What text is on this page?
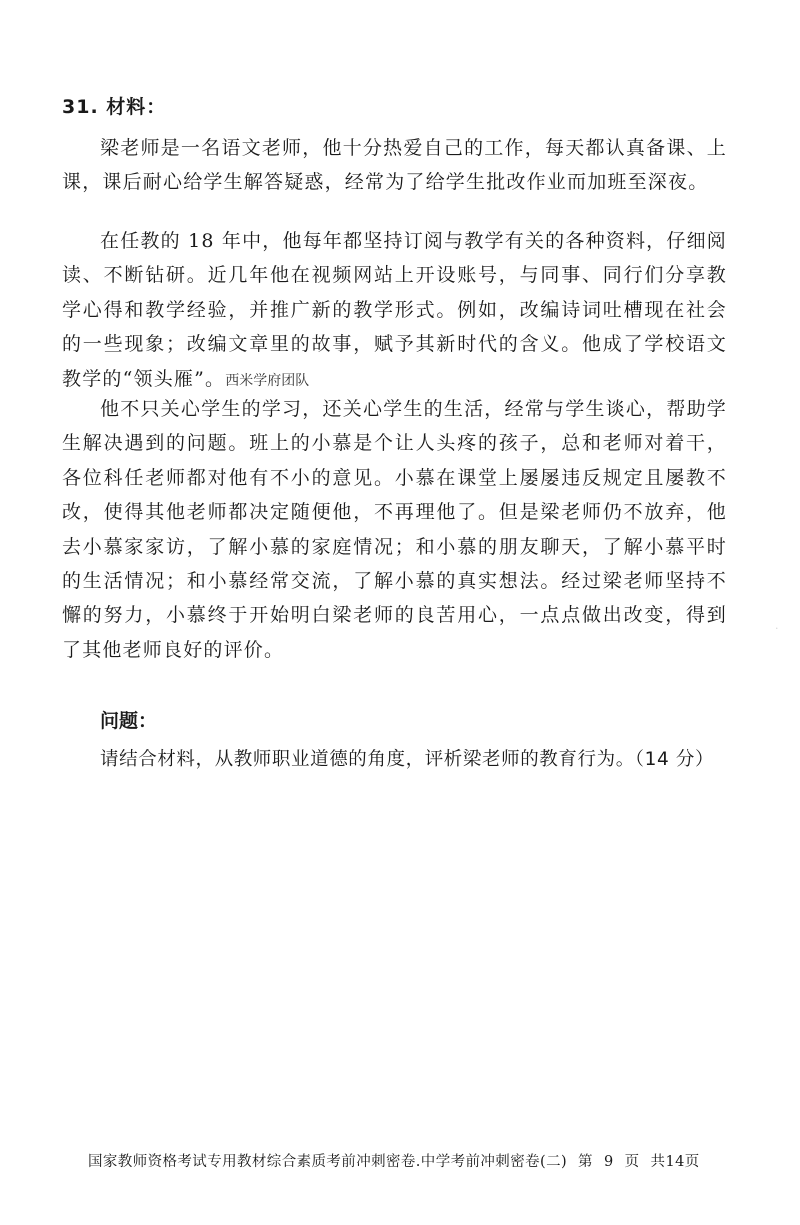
31. 材料：

梁老师是一名语文老师，他十分热爱自己的工作，每天都认真备课、上课，课后耐心给学生解答疑惑，经常为了给学生批改作业而加班至深夜。

在任教的 18 年中，他每年都坚持订阅与教学有关的各种资料，仔细阅读、不断钻研。近几年他在视频网站上开设账号，与同事、同行们分享教学心得和教学经验，并推广新的教学形式。例如，改编诗词吐槽现在社会的一些现象；改编文章里的故事，赋予其新时代的含义。他成了学校语文教学的“领头雁”。西米学府团队

他不只关心学生的学习，还关心学生的生活，经常与学生谈心，帮助学生解决遇到的问题。班上的小慕是个让人头疼的孩子，总和老师对着干，各位科任老师都对他有不小的意见。小慕在课堂上屡屡违反规定且屡教不改，使得其他老师都决定随便他，不再理他了。但是梁老师仍不放弃，他去小慕家家访，了解小慕的家庭情况；和小慕的朋友聊天，了解小慕平时的生活情况；和小慕经常交流，了解小慕的真实想法。经过梁老师坚持不懈的努力，小慕终于开始明白梁老师的良苦用心，一点点做出改变，得到了其他老师良好的评价。

问题：
请结合材料，从教师职业道德的角度，评析梁老师的教育行为。（14 分）
·
国家教师资格考试专用教材综合素质考前冲刺密卷.中学考前冲刺密卷(二) 第 9 页 共14页
